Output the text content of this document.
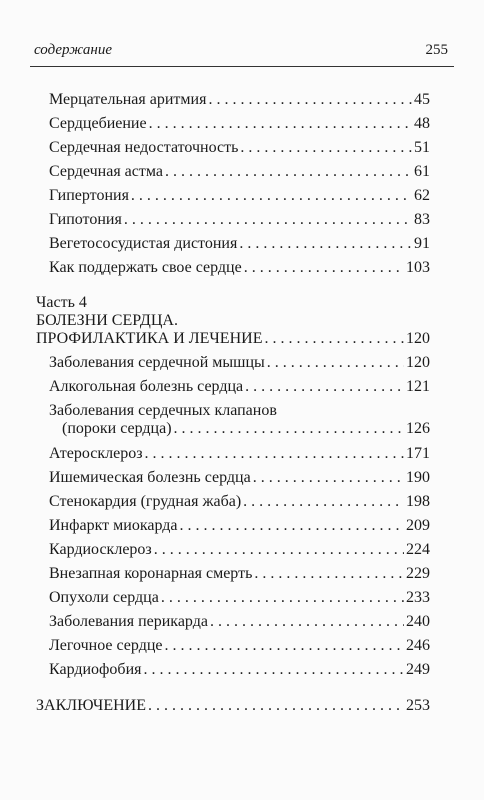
содержание	255
Мерцательная аритмия . . .	45
Сердцебиение . . .	48
Сердечная недостаточность . . .	51
Сердечная астма . . .	61
Гипертония . . .	62
Гипотония . . .	83
Вегетососудистая дистония . . .	91
Как поддержать свое сердце . . .	103
Часть 4
БОЛЕЗНИ СЕРДЦА.
ПРОФИЛАКТИКА И ЛЕЧЕНИЕ . . .	120
Заболевания сердечной мышцы . . .	120
Алкогольная болезнь сердца . . .	121
Заболевания сердечных клапанов
(пороки сердца) . . .	126
Атеросклероз . . .	171
Ишемическая болезнь сердца . . .	190
Стенокардия (грудная жаба) . . .	198
Инфаркт миокарда . . .	209
Кардиосклероз . . .	224
Внезапная коронарная смерть . . .	229
Опухоли сердца . . .	233
Заболевания перикарда . . .	240
Легочное сердце . . .	246
Кардиофобия . . .	249
ЗАКЛЮЧЕНИЕ . . .	253
